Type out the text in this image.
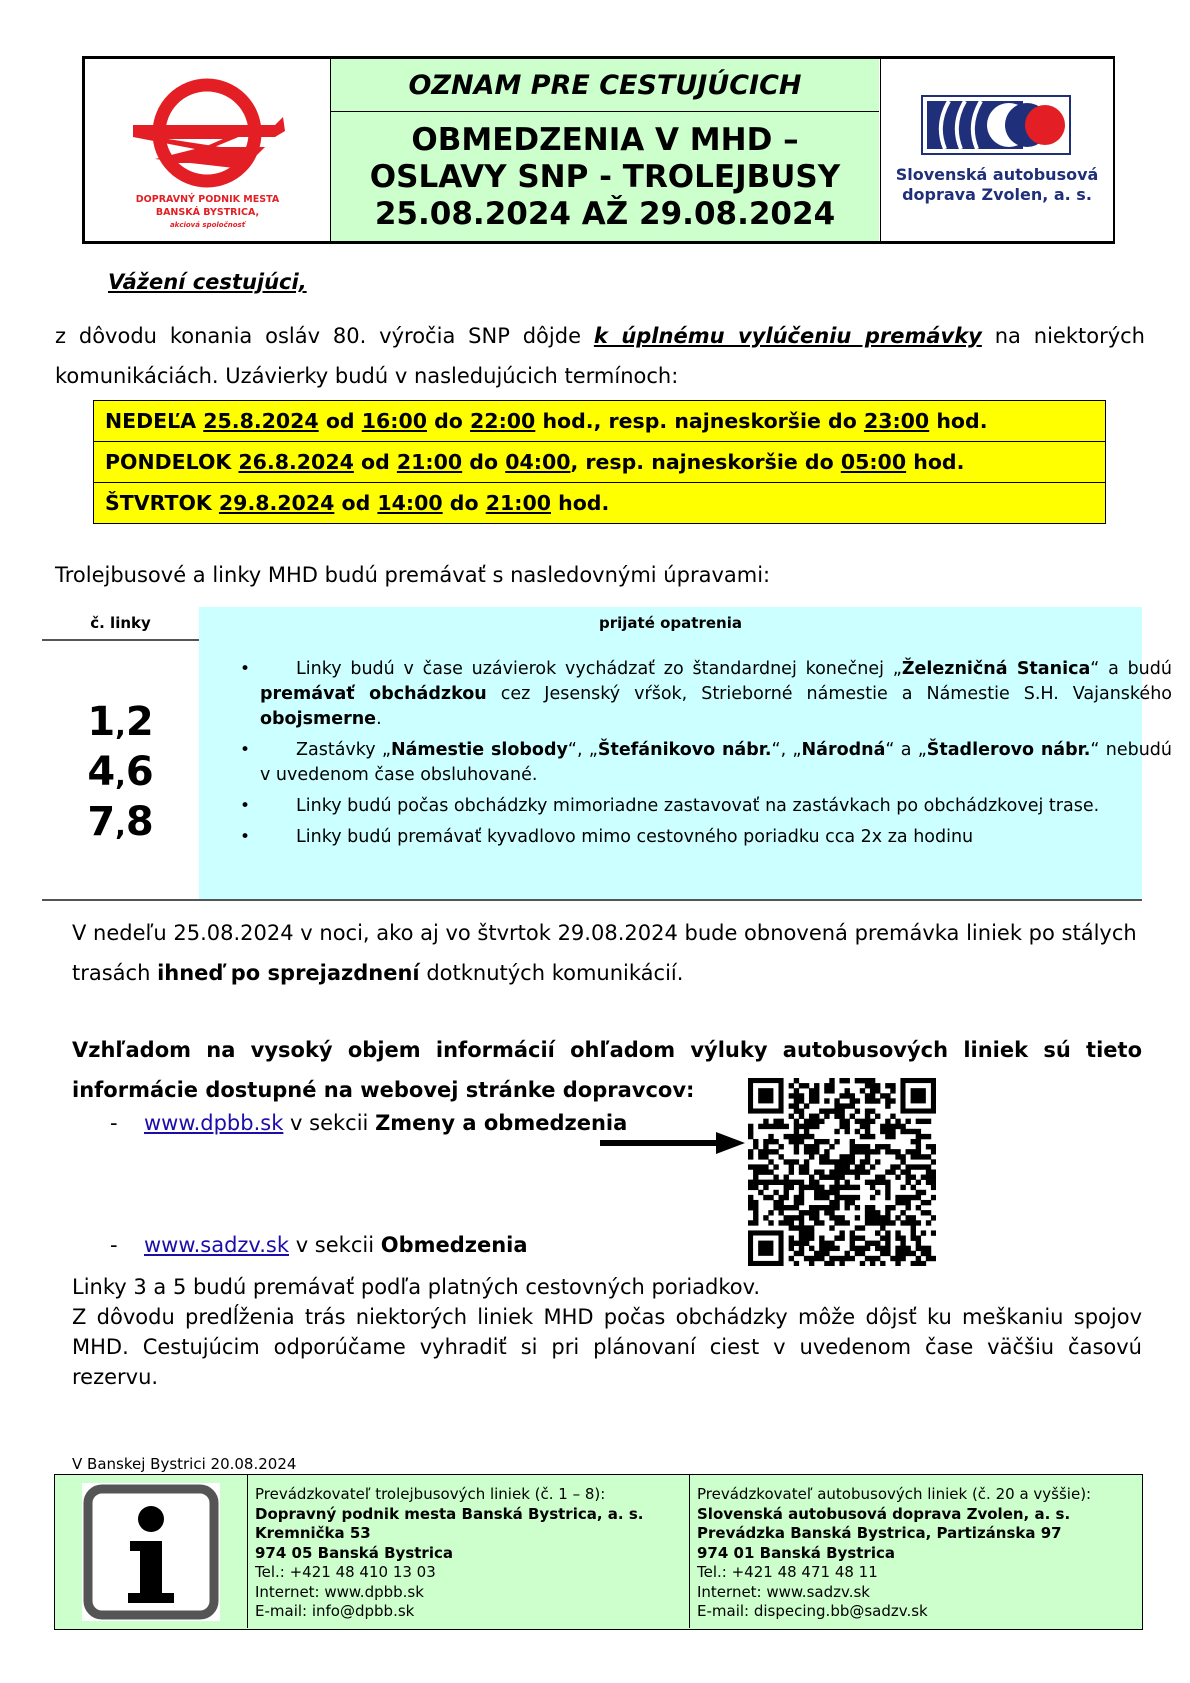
DOPRAVNÝ PODNIK MESTA
BANSKÁ BYSTRICA,
akciová spoločnosť
OZNAM PRE CESTUJÚCICH
OBMEDZENIA V MHD –
OSLAVY SNP - TROLEJBUSY
25.08.2024 AŽ 29.08.2024
Slovenská autobusová
doprava Zvolen, a. s.
Vážení cestujúci,
z dôvodu konania osláv 80. výročia SNP dôjde k úplnému vylúčeniu premávky na niektorých komunikáciách. Uzávierky budú v nasledujúcich termínoch:
NEDEĽA 25.8.2024 od 16:00 do 22:00 hod., resp. najneskoršie do 23:00 hod.
PONDELOK 26.8.2024 od 21:00 do 04:00, resp. najneskoršie do 05:00 hod.
ŠTVRTOK 29.8.2024 od 14:00 do 21:00 hod.
Trolejbusové a linky MHD budú premávať s nasledovnými úpravami:
č. linky	prijaté opatrenia
1,2
4,6
7,8
• Linky budú v čase uzávierok vychádzať zo štandardnej konečnej „Železničná Stanica“ a budú premávať obchádzkou cez Jesenský vŕšok, Strieborné námestie a Námestie S.H. Vajanského obojsmerne.
• Zastávky „Námestie slobody“, „Štefánikovo nábr.“, „Národná“ a „Štadlerovo nábr.“ nebudú v uvedenom čase obsluhované.
• Linky budú počas obchádzky mimoriadne zastavovať na zastávkach po obchádzkovej trase.
• Linky budú premávať kyvadlovo mimo cestovného poriadku cca 2x za hodinu
V nedeľu 25.08.2024 v noci, ako aj vo štvrtok 29.08.2024 bude obnovená premávka liniek po stálych trasách ihneď po sprejazdnení dotknutých komunikácií.
Vzhľadom na vysoký objem informácií ohľadom výluky autobusových liniek sú tieto informácie dostupné na webovej stránke dopravcov:
- www.dpbb.sk v sekcii Zmeny a obmedzenia
- www.sadzv.sk v sekcii Obmedzenia
Linky 3 a 5 budú premávať podľa platných cestovných poriadkov.
Z dôvodu predĺženia trás niektorých liniek MHD počas obchádzky môže dôjsť ku meškaniu spojov MHD. Cestujúcim odporúčame vyhradiť si pri plánovaní ciest v uvedenom čase väčšiu časovú rezervu.
V Banskej Bystrici 20.08.2024
Prevádzkovateľ trolejbusových liniek (č. 1 – 8):
Dopravný podnik mesta Banská Bystrica, a. s.
Kremnička 53
974 05 Banská Bystrica
Tel.: +421 48 410 13 03
Internet: www.dpbb.sk
E-mail: info@dpbb.sk
Prevádzkovateľ autobusových liniek (č. 20 a vyššie):
Slovenská autobusová doprava Zvolen, a. s.
Prevádzka Banská Bystrica, Partizánska 97
974 01 Banská Bystrica
Tel.: +421 48 471 48 11
Internet: www.sadzv.sk
E-mail: dispecing.bb@sadzv.sk
